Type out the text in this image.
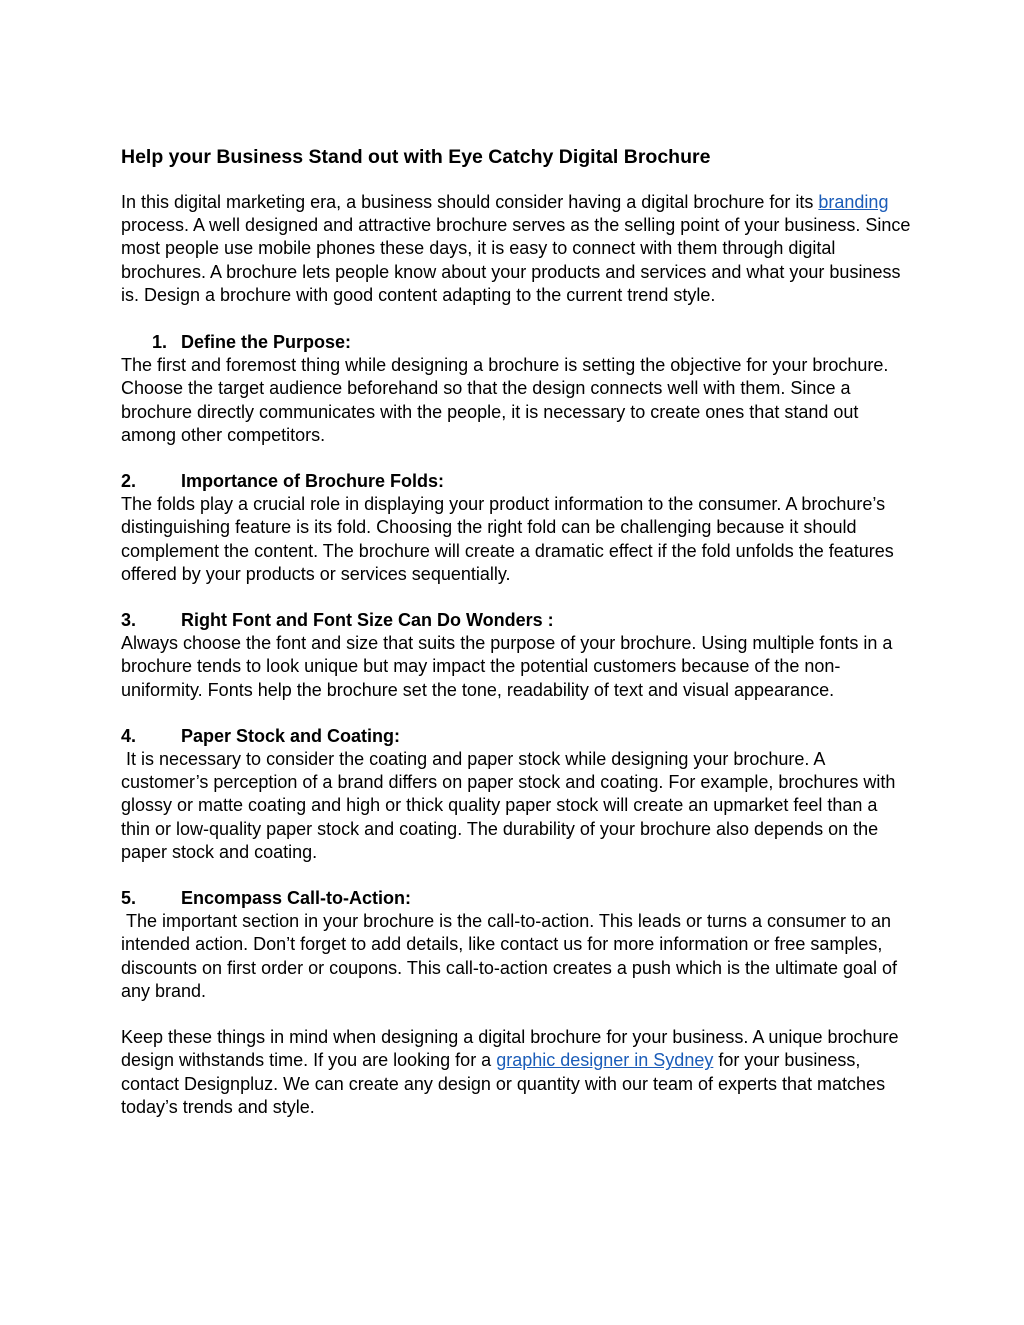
Help your Business Stand out with Eye Catchy Digital Brochure

In this digital marketing era, a business should consider having a digital brochure for its branding process. A well designed and attractive brochure serves as the selling point of your business. Since most people use mobile phones these days, it is easy to connect with them through digital brochures. A brochure lets people know about your products and services and what your business is. Design a brochure with good content adapting to the current trend style.

1. Define the Purpose:

The first and foremost thing while designing a brochure is setting the objective for your brochure. Choose the target audience beforehand so that the design connects well with them. Since a brochure directly communicates with the people, it is necessary to create ones that stand out among other competitors.

2. Importance of Brochure Folds:

The folds play a crucial role in displaying your product information to the consumer. A brochure’s distinguishing feature is its fold. Choosing the right fold can be challenging because it should complement the content. The brochure will create a dramatic effect if the fold unfolds the features offered by your products or services sequentially.

3. Right Font and Font Size Can Do Wonders :

Always choose the font and size that suits the purpose of your brochure. Using multiple fonts in a brochure tends to look unique but may impact the potential customers because of the non-uniformity. Fonts help the brochure set the tone, readability of text and visual appearance.

4. Paper Stock and Coating:

It is necessary to consider the coating and paper stock while designing your brochure. A customer’s perception of a brand differs on paper stock and coating. For example, brochures with glossy or matte coating and high or thick quality paper stock will create an upmarket feel than a thin or low-quality paper stock and coating. The durability of your brochure also depends on the paper stock and coating.

5. Encompass Call-to-Action:

The important section in your brochure is the call-to-action. This leads or turns a consumer to an intended action. Don’t forget to add details, like contact us for more information or free samples, discounts on first order or coupons. This call-to-action creates a push which is the ultimate goal of any brand.

Keep these things in mind when designing a digital brochure for your business. A unique brochure design withstands time. If you are looking for a graphic designer in Sydney for your business, contact Designpluz. We can create any design or quantity with our team of experts that matches today’s trends and style.
